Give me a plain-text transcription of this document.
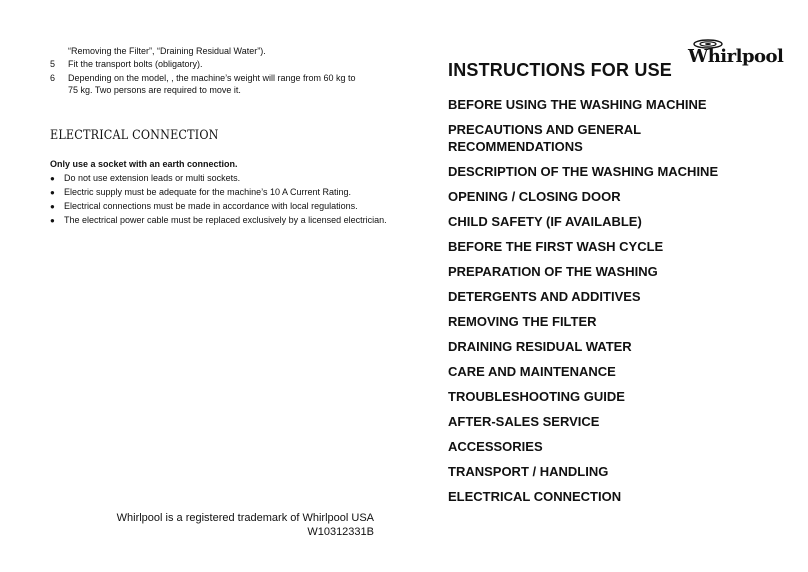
“Removing the Filter”, “Draining Residual Water”).
5 Fit the transport bolts (obligatory).
6 Depending on the model, , the machine’s weight will range from 60 kg to
75 kg. Two persons are required to move it.
ELECTRICAL CONNECTION
Only use a socket with an earth connection.
● Do not use extension leads or multi sockets.
● Electric supply must be adequate for the machine’s 10 A Current Rating.
● Electrical connections must be made in accordance with local regulations.
● The electrical power cable must be replaced exclusively by a licensed electrician.
Whirlpool is a registered trademark of Whirlpool USA
W10312331B
Whirlpool
INSTRUCTIONS FOR USE
BEFORE USING THE WASHING MACHINE
PRECAUTIONS AND GENERAL
RECOMMENDATIONS
DESCRIPTION OF THE WASHING MACHINE
OPENING / CLOSING DOOR
CHILD SAFETY (IF AVAILABLE)
BEFORE THE FIRST WASH CYCLE
PREPARATION OF THE WASHING
DETERGENTS AND ADDITIVES
REMOVING THE FILTER
DRAINING RESIDUAL WATER
CARE AND MAINTENANCE
TROUBLESHOOTING GUIDE
AFTER-SALES SERVICE
ACCESSORIES
TRANSPORT / HANDLING
ELECTRICAL CONNECTION
